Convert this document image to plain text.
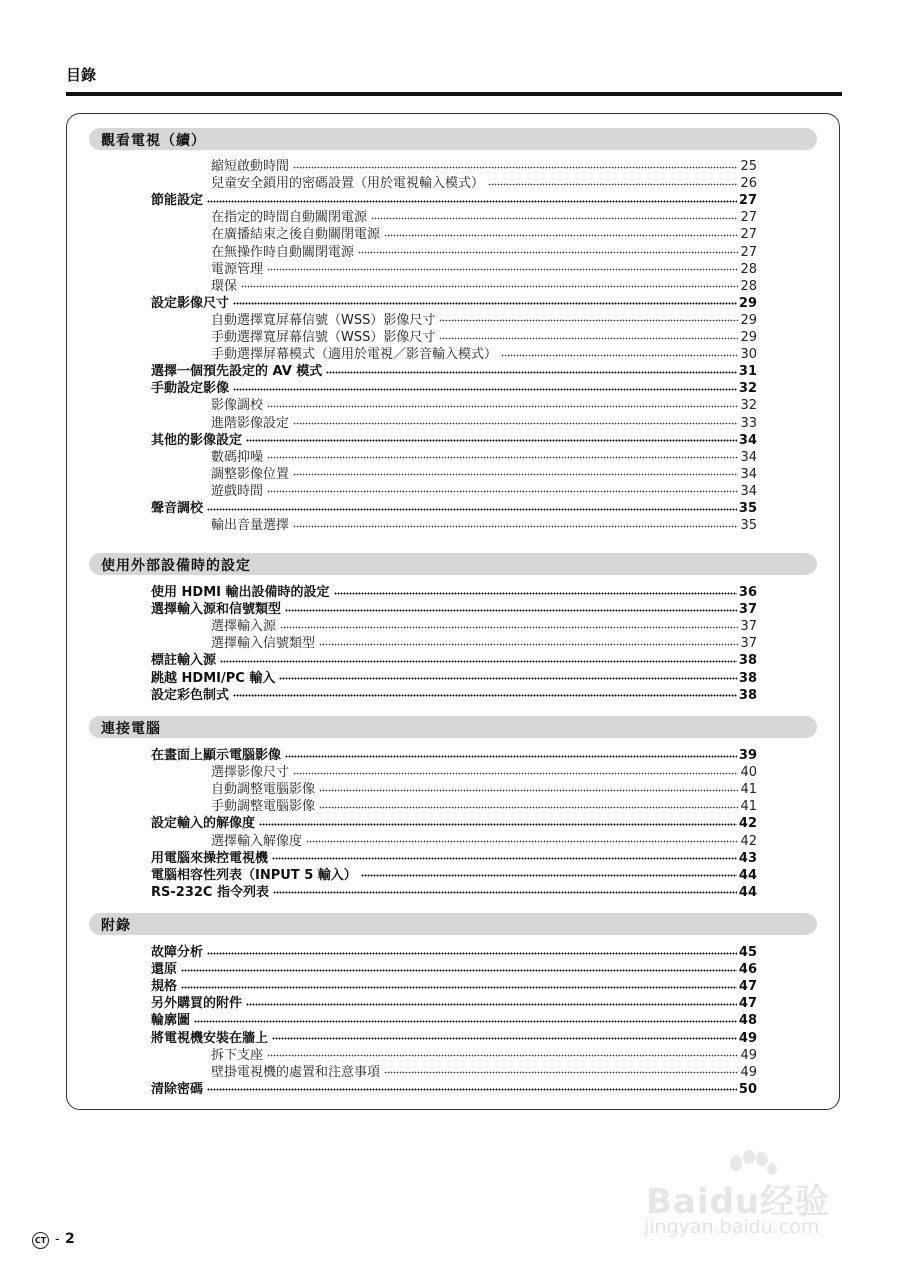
目錄
觀看電視（續）
縮短啟動時間	25
兒童安全鎖用的密碼設置（用於電視輸入模式）	26
節能設定	27
在指定的時間自動關閉電源	27
在廣播結束之後自動關閉電源	27
在無操作時自動關閉電源	27
電源管理	28
環保	28
設定影像尺寸	29
自動選擇寬屏幕信號（WSS）影像尺寸	29
手動選擇寬屏幕信號（WSS）影像尺寸	29
手動選擇屏幕模式（適用於電視／影音輸入模式）	30
選擇一個預先設定的 AV 模式	31
手動設定影像	32
影像調校	32
進階影像設定	33
其他的影像設定	34
數碼抑噪	34
調整影像位置	34
遊戲時間	34
聲音調校	35
輸出音量選擇	35
使用外部設備時的設定
使用 HDMI 輸出設備時的設定	36
選擇輸入源和信號類型	37
選擇輸入源	37
選擇輸入信號類型	37
標註輸入源	38
跳越 HDMI/PC 輸入	38
設定彩色制式	38
連接電腦
在畫面上顯示電腦影像	39
選擇影像尺寸	40
自動調整電腦影像	41
手動調整電腦影像	41
設定輸入的解像度	42
選擇輸入解像度	42
用電腦來操控電視機	43
電腦相容性列表（INPUT 5 輸入）	44
RS-232C 指令列表	44
附錄
故障分析	45
還原	46
規格	47
另外購買的附件	47
輪廓圖	48
將電視機安裝在牆上	49
拆下支座	49
壁掛電視機的處置和注意事項	49
清除密碼	50
CT - 2
Baidu经验
jingyan.baidu.com
